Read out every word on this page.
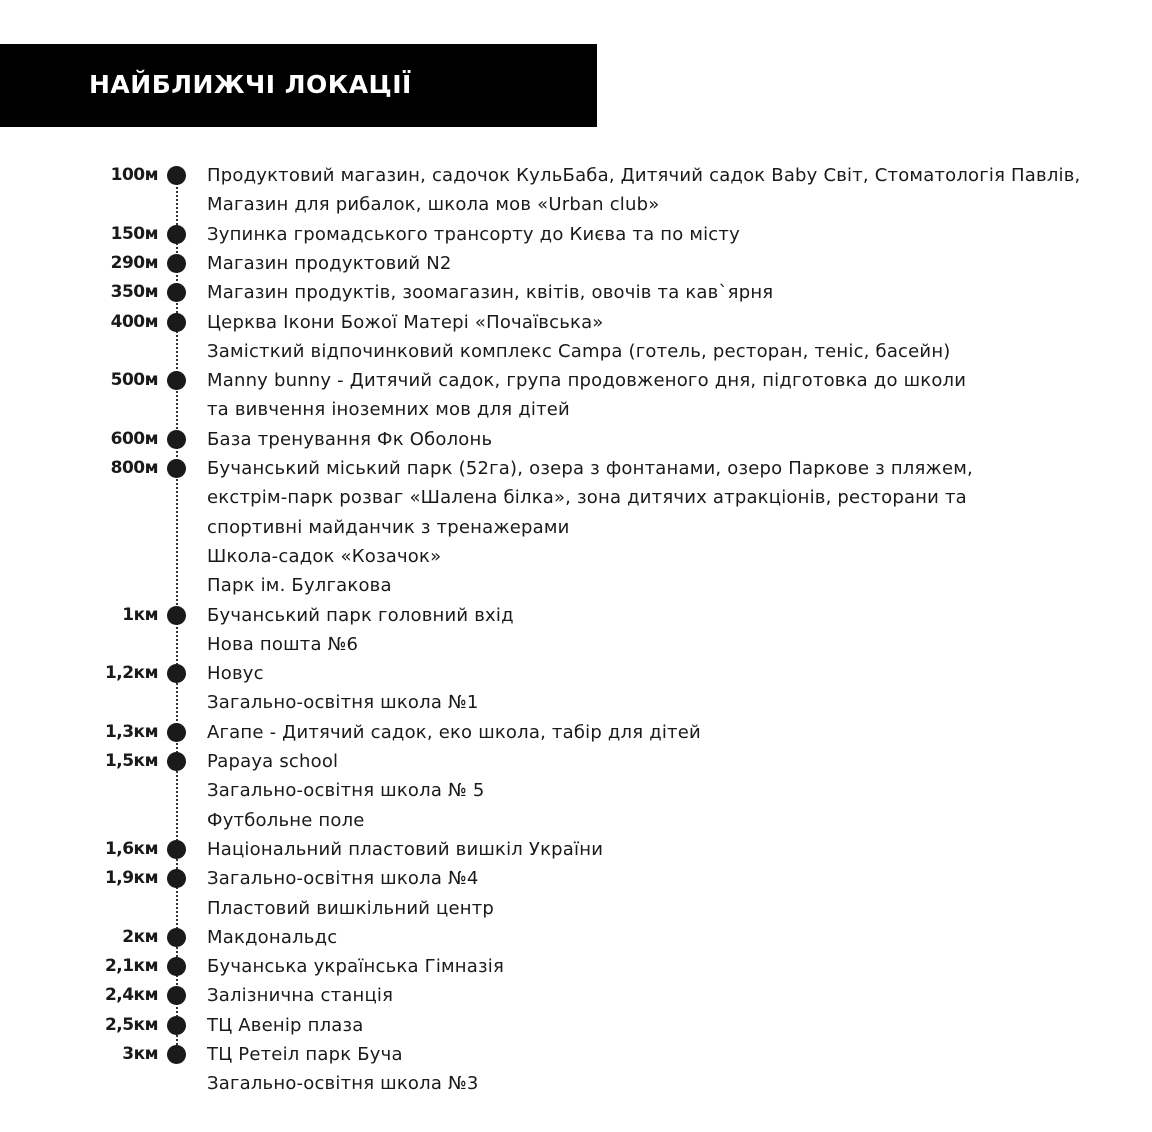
НАЙБЛИЖЧІ ЛОКАЦІЇ
100м	Продуктовий магазин, садочок КульБаба, Дитячий садок Baby Світ, Стоматологія Павлів,
Магазин для рибалок, школа мов «Urban club»
150м	Зупинка громадського трансорту до Києва та по місту
290м	Магазин продуктовий N2
350м	Магазин продуктів, зоомагазин, квітів, овочів та кав`ярня
400м	Церква Ікони Божої Матері «Почаївська»
Замісткий відпочинковий комплекс Campa (готель, ресторан, теніс, басейн)
500м	Manny bunny - Дитячий садок, група продовженого дня, підготовка до школи
та вивчення іноземних мов для дітей
600м	База тренування Фк Оболонь
800м	Бучанський міський парк (52га), озера з фонтанами, озеро Паркове з пляжем,
екстрім-парк розваг «Шалена білка», зона дитячих атракціонів, ресторани та
спортивні майданчик з тренажерами
Школа-садок «Козачок»
Парк ім. Булгакова
1км	Бучанський парк головний вхід
Нова пошта №6
1,2км	Новус
Загально-освітня школа №1
1,3км	Агапе - Дитячий садок, еко школа, табір для дітей
1,5км	Papaya school
Загально-освітня школа № 5
Футбольне поле
1,6км	Національний пластовий вишкіл України
1,9км	Загально-освітня школа №4
Пластовий вишкільний центр
2км	Макдональдс
2,1км	Бучанська українська Гімназія
2,4км	Залізнична станція
2,5км	ТЦ Авенір плаза
3км	ТЦ Ретеіл парк Буча
Загально-освітня школа №3
